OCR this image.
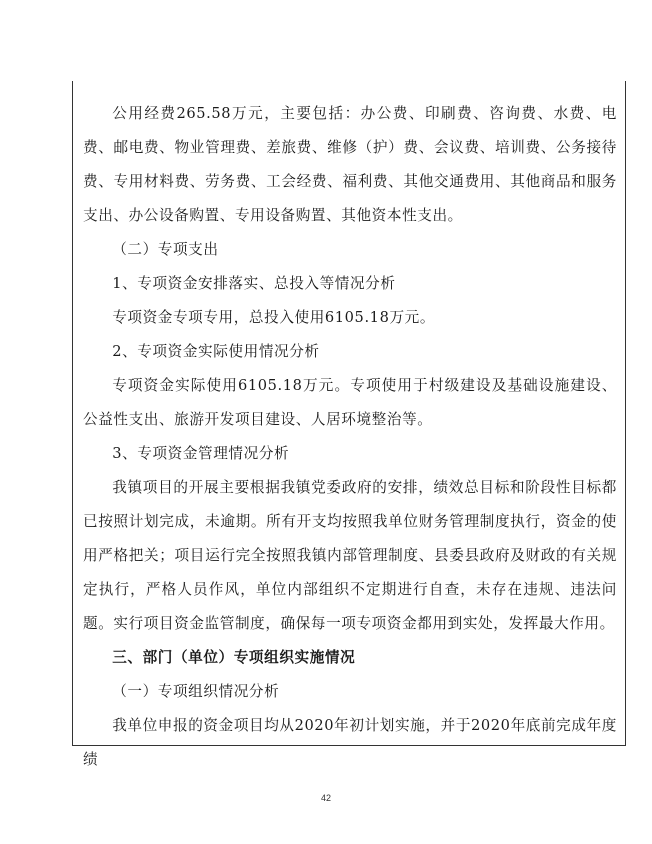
公用经费265.58万元，主要包括：办公费、印刷费、咨询费、水费、电费、邮电费、物业管理费、差旅费、维修（护）费、会议费、培训费、公务接待费、专用材料费、劳务费、工会经费、福利费、其他交通费用、其他商品和服务支出、办公设备购置、专用设备购置、其他资本性支出。

（二）专项支出

1、专项资金安排落实、总投入等情况分析

专项资金专项专用，总投入使用6105.18万元。

2、专项资金实际使用情况分析

专项资金实际使用6105.18万元。专项使用于村级建设及基础设施建设、公益性支出、旅游开发项目建设、人居环境整治等。

3、专项资金管理情况分析

我镇项目的开展主要根据我镇党委政府的安排，绩效总目标和阶段性目标都已按照计划完成，未逾期。所有开支均按照我单位财务管理制度执行，资金的使用严格把关；项目运行完全按照我镇内部管理制度、县委县政府及财政的有关规定执行，严格人员作风，单位内部组织不定期进行自查，未存在违规、违法问题。实行项目资金监管制度，确保每一项专项资金都用到实处，发挥最大作用。

三、部门（单位）专项组织实施情况

（一）专项组织情况分析

我单位申报的资金项目均从2020年初计划实施，并于2020年底前完成年度绩

42
